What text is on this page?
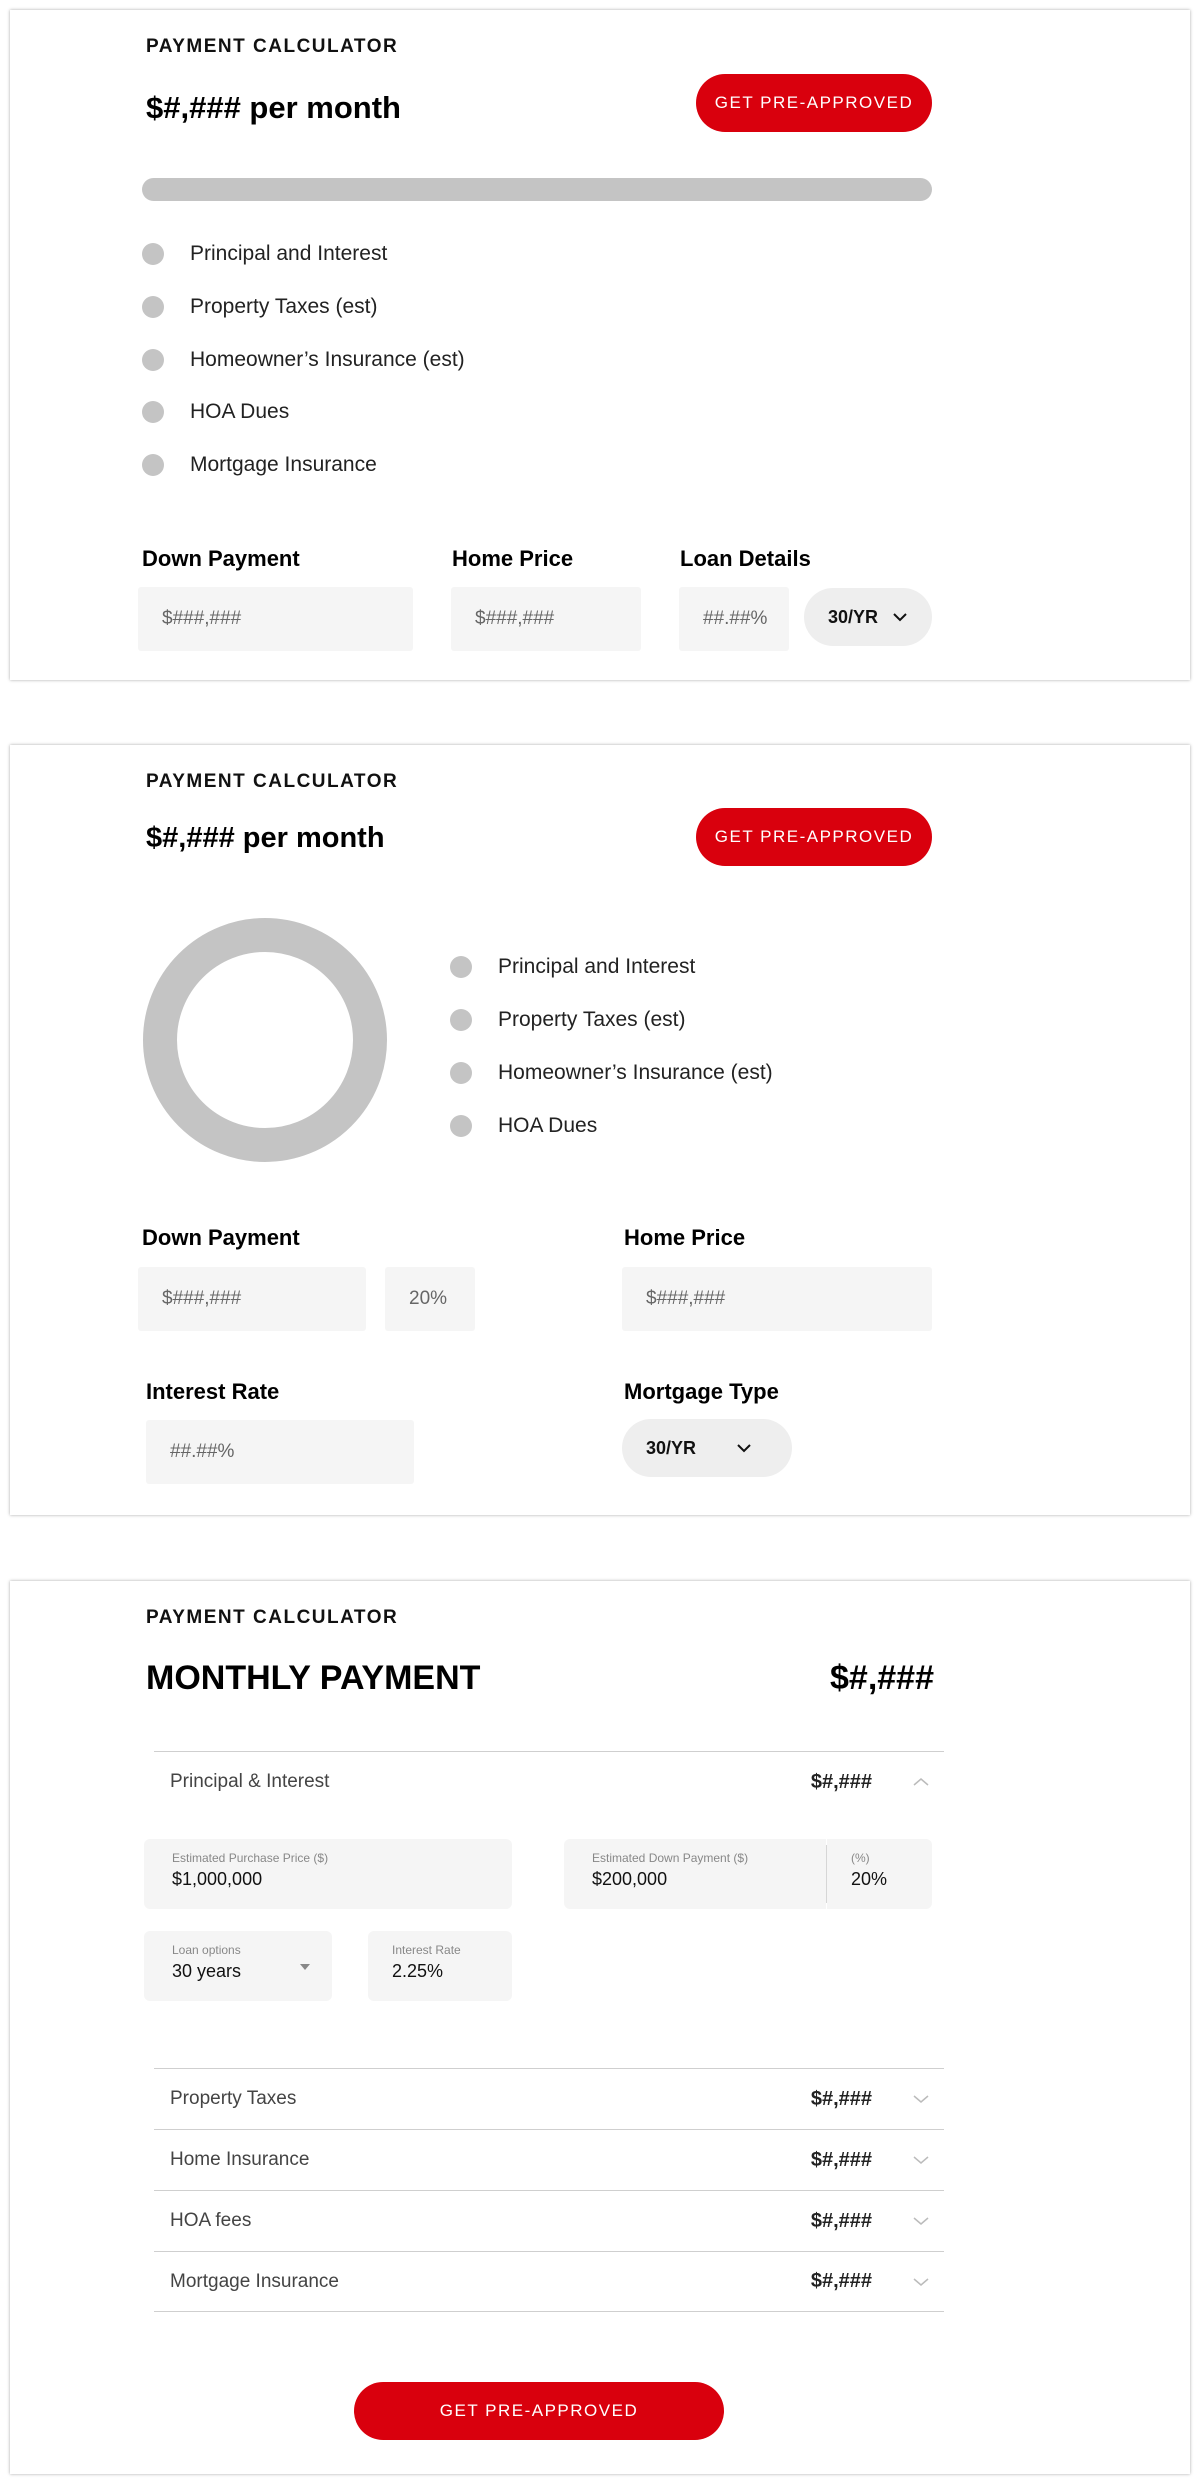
PAYMENT CALCULATOR
$#,### per month	GET PRE-APPROVED
Principal and Interest
Property Taxes (est)
Homeowner’s Insurance (est)
HOA Dues
Mortgage Insurance
Down Payment
$###,###
Home Price
$###,###
Loan Details
##.##%	30/YR
PAYMENT CALCULATOR
$#,### per month	GET PRE-APPROVED
Principal and Interest
Property Taxes (est)
Homeowner’s Insurance (est)
HOA Dues
Down Payment
$###,###	20%
Home Price
$###,###
Interest Rate
##.##%
Mortgage Type
30/YR
PAYMENT CALCULATOR
MONTHLY PAYMENT	$#,###
Principal & Interest	$#,###
Estimated Purchase Price ($)
$1,000,000
Estimated Down Payment ($)
$200,000
(%)
20%
Loan options
30 years
Interest Rate
2.25%
Property Taxes	$#,###
Home Insurance	$#,###
HOA fees	$#,###
Mortgage Insurance	$#,###
GET PRE-APPROVED
